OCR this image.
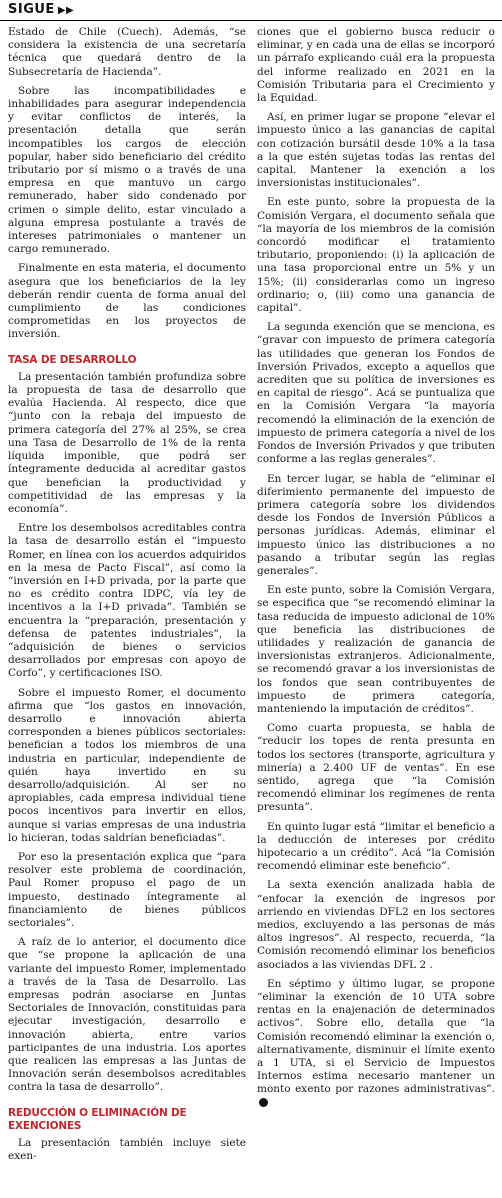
SIGUE ▶▶

Estado de Chile (Cuech). Además, “se considera la existencia de una secretaría técnica que quedará dentro de la Subsecretaría de Hacienda”.

Sobre las incompatibilidades e inhabilidades para asegurar independencia y evitar conflictos de interés, la presentación detalla que serán incompatibles los cargos de elección popular, haber sido beneficiario del crédito tributario por sí mismo o a través de una empresa en que mantuvo un cargo remunerado, haber sido condenado por crimen o simple delito, estar vinculado a alguna empresa postulante a través de intereses patrimoniales o mantener un cargo remunerado.

Finalmente en esta materia, el documento asegura que los beneficiarios de la ley deberán rendir cuenta de forma anual del cumplimiento de las condiciones comprometidas en los proyectos de inversión.

TASA DE DESARROLLO

La presentación también profundiza sobre la propuesta de tasa de desarrollo que evalúa Hacienda. Al respecto, dice que “junto con la rebaja del impuesto de primera categoría del 27% al 25%, se crea una Tasa de Desarrollo de 1% de la renta líquida imponible, que podrá ser íntegramente deducida al acreditar gastos que benefician la productividad y competitividad de las empresas y la economía”.

Entre los desembolsos acreditables contra la tasa de desarrollo están el “impuesto Romer, en línea con los acuerdos adquiridos en la mesa de Pacto Fiscal”, así como la “inversión en I+D privada, por la parte que no es crédito contra IDPC, vía ley de incentivos a la I+D privada”. También se encuentra la “preparación, presentación y defensa de patentes industriales”, la “adquisición de bienes o servicios desarrollados por empresas con apoyo de Corfo”, y certificaciones ISO.

Sobre el impuesto Romer, el documento afirma que “los gastos en innovación, desarrollo e innovación abierta corresponden a bienes públicos sectoriales: benefician a todos los miembros de una industria en particular, independiente de quién haya invertido en su desarrollo/adquisición. Al ser no apropiables, cada empresa individual tiene pocos incentivos para invertir en ellos, aunque si varias empresas de una industria lo hicieran, todas saldrían beneficiadas”.

Por eso la presentación explica que “para resolver este problema de coordinación, Paul Romer propuso el pago de un impuesto, destinado íntegramente al financiamiento de bienes públicos sectoriales”.

A raíz de lo anterior, el documento dice que “se propone la aplicación de una variante del impuesto Romer, implementado a través de la Tasa de Desarrollo. Las empresas podrán asociarse en Juntas Sectoriales de Innovación, constituidas para ejecutar investigación, desarrollo e innovación abierta, entre varios participantes de una industria. Los aportes que realicen las empresas a las Juntas de Innovación serán desembolsos acreditables contra la tasa de desarrollo”.

REDUCCIÓN O ELIMINACIÓN DE EXENCIONES

La presentación también incluye siete exen-

ciones que el gobierno busca reducir o eliminar, y en cada una de ellas se incorporó un párrafo explicando cuál era la propuesta del informe realizado en 2021 en la Comisión Tributaria para el Crecimiento y la Equidad.

Así, en primer lugar se propone “elevar el impuesto único a las ganancias de capital con cotización bursátil desde 10% a la tasa a la que estén sujetas todas las rentas del capital. Mantener la exención a los inversionistas institucionales”.

En este punto, sobre la propuesta de la Comisión Vergara, el documento señala que “la mayoría de los miembros de la comisión concordó modificar el tratamiento tributario, proponiendo: (i) la aplicación de una tasa proporcional entre un 5% y un 15%; (ii) considerarlas como un ingreso ordinario; o, (iii) como una ganancia de capital”.

La segunda exención que se menciona, es “gravar con impuesto de primera categoría las utilidades que generan los Fondos de Inversión Privados, excepto a aquellos que acrediten que su política de inversiones es en capital de riesgo”. Acá se puntualiza que en la Comisión Vergara “la mayoría recomendó la eliminación de la exención de impuesto de primera categoría a nivel de los Fondos de Inversión Privados y que tributen conforme a las reglas generales”.

En tercer lugar, se habla de “eliminar el diferimiento permanente del impuesto de primera categoría sobre los dividendos desde los Fondos de Inversión Públicos a personas jurídicas. Además, eliminar el impuesto único las distribuciones a no pasando a tributar según las reglas generales”.

En este punto, sobre la Comisión Vergara, se especifica que “se recomendó eliminar la tasa reducida de impuesto adicional de 10% que beneficia las distribuciones de utilidades y realización de ganancia de inversionistas extranjeros. Adicionalmente, se recomendó gravar a los inversionistas de los fondos que sean contribuyentes de impuesto de primera categoría, manteniendo la imputación de créditos”.

Como cuarta propuesta, se habla de “reducir los topes de renta presunta en todos los sectores (transporte, agricultura y minería) a 2.400 UF de ventas”. En ese sentido, agrega que “la Comisión recomendó eliminar los regímenes de renta presunta”.

En quinto lugar está “limitar el beneficio a la deducción de intereses por crédito hipotecario a un crédito”. Acá “la Comisión recomendó eliminar este beneficio”.

La sexta exención analizada habla de “enfocar la exención de ingresos por arriendo en viviendas DFL2 en los sectores medios, excluyendo a las personas de más altos ingresos”. Al respecto, recuerda, “la Comisión recomendó eliminar los beneficios asociados a las viviendas DFL 2 .

En séptimo y último lugar, se propone “eliminar la exención de 10 UTA sobre rentas en la enajenación de determinados activos”. Sobre ello, detalla que “la Comisión recomendó eliminar la exención o, alternativamente, disminuir el límite exento a 1 UTA, si el Servicio de Impuestos Internos estima necesario mantener un monto exento por razones administrativas”.D
